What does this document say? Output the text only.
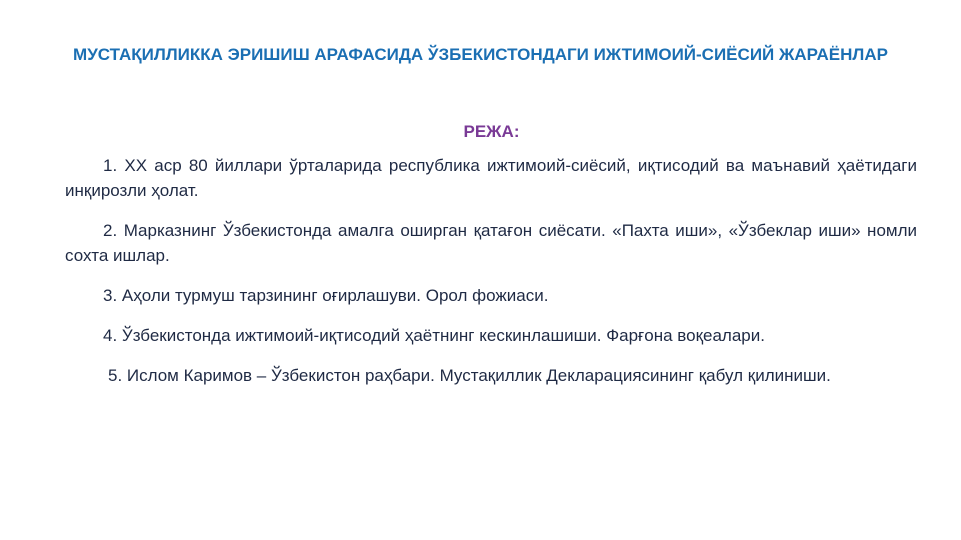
МУСТАҚИЛЛИККА ЭРИШИШ АРАФАСИДА ЎЗБЕКИСТОНДАГИ ИЖТИМОИЙ-СИЁСИЙ ЖАРАЁНЛАР
РЕЖА:

1. ХХ аср 80 йиллари ўрталарида республика ижтимоий-сиёсий, иқтисодий ва маънавий ҳаётидаги инқирозли ҳолат.

2. Марказнинг Ўзбекистонда амалга оширган қатағон сиёсати. «Пахта иши», «Ўзбеклар иши» номли сохта ишлар.

3. Аҳоли турмуш тарзининг оғирлашуви. Орол фожиаси.

4. Ўзбекистонда ижтимоий-иқтисодий ҳаётнинг кескинлашиши. Фарғона воқеалари.

5. Ислом Каримов – Ўзбекистон раҳбари. Мустақиллик Декларациясининг қабул қилиниши.
